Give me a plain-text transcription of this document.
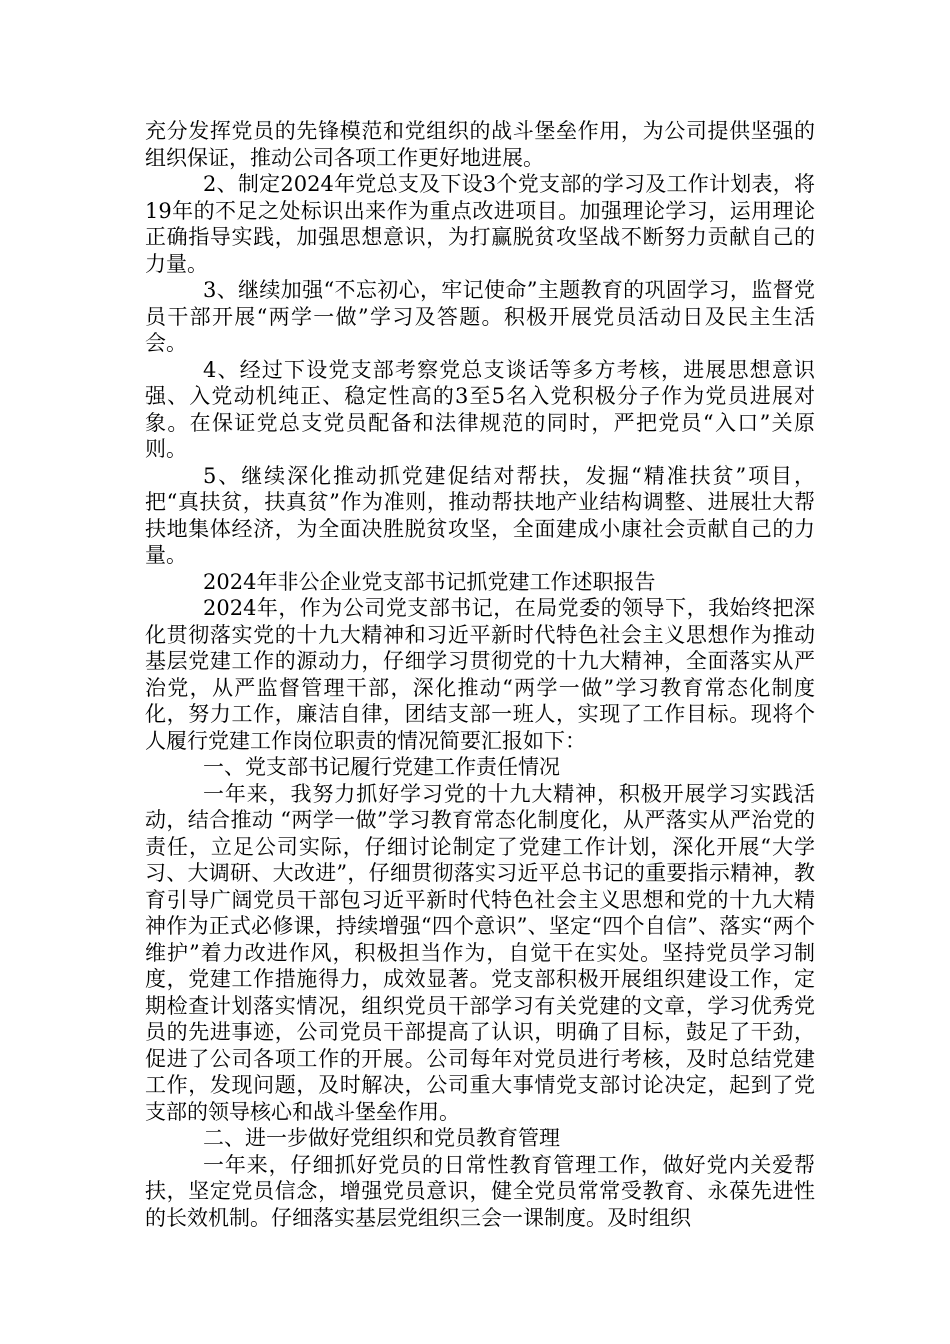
充分发挥党员的先锋模范和党组织的战斗堡垒作用，为公司提供坚强的组织保证，推动公司各项工作更好地进展。

2、制定2024年党总支及下设3个党支部的学习及工作计划表，将19年的不足之处标识出来作为重点改进项目。加强理论学习，运用理论正确指导实践，加强思想意识，为打赢脱贫攻坚战不断努力贡献自己的力量。

3、继续加强“不忘初心，牢记使命”主题教育的巩固学习，监督党员干部开展“两学一做”学习及答题。积极开展党员活动日及民主生活会。

4、经过下设党支部考察党总支谈话等多方考核，进展思想意识强、入党动机纯正、稳定性高的3至5名入党积极分子作为党员进展对象。在保证党总支党员配备和法律规范的同时，严把党员“入口”关原则。

5、继续深化推动抓党建促结对帮扶，发掘“精准扶贫”项目，把“真扶贫，扶真贫”作为准则，推动帮扶地产业结构调整、进展壮大帮扶地集体经济，为全面决胜脱贫攻坚，全面建成小康社会贡献自己的力量。

2024年非公企业党支部书记抓党建工作述职报告

2024年，作为公司党支部书记，在局党委的领导下，我始终把深化贯彻落实党的十九大精神和习近平新时代特色社会主义思想作为推动基层党建工作的源动力，仔细学习贯彻党的十九大精神，全面落实从严治党，从严监督管理干部，深化推动“两学一做”学习教育常态化制度化，努力工作，廉洁自律，团结支部一班人，实现了工作目标。现将个人履行党建工作岗位职责的情况简要汇报如下：

一、党支部书记履行党建工作责任情况

一年来，我努力抓好学习党的十九大精神，积极开展学习实践活动，结合推动 “两学一做”学习教育常态化制度化，从严落实从严治党的责任，立足公司实际，仔细讨论制定了党建工作计划，深化开展“大学习、大调研、大改进”，仔细贯彻落实习近平总书记的重要指示精神，教育引导广阔党员干部包习近平新时代特色社会主义思想和党的十九大精神作为正式必修课，持续增强“四个意识”、坚定“四个自信”、落实“两个维护”着力改进作风，积极担当作为，自觉干在实处。坚持党员学习制度，党建工作措施得力，成效显著。党支部积极开展组织建设工作，定期检查计划落实情况，组织党员干部学习有关党建的文章，学习优秀党员的先进事迹，公司党员干部提高了认识，明确了目标，鼓足了干劲，促进了公司各项工作的开展。公司每年对党员进行考核，及时总结党建工作，发现问题，及时解决，公司重大事情党支部讨论决定，起到了党支部的领导核心和战斗堡垒作用。

二、进一步做好党组织和党员教育管理

一年来，仔细抓好党员的日常性教育管理工作，做好党内关爱帮扶，坚定党员信念，增强党员意识，健全党员常常受教育、永葆先进性的长效机制。仔细落实基层党组织三会一课制度。及时组织
